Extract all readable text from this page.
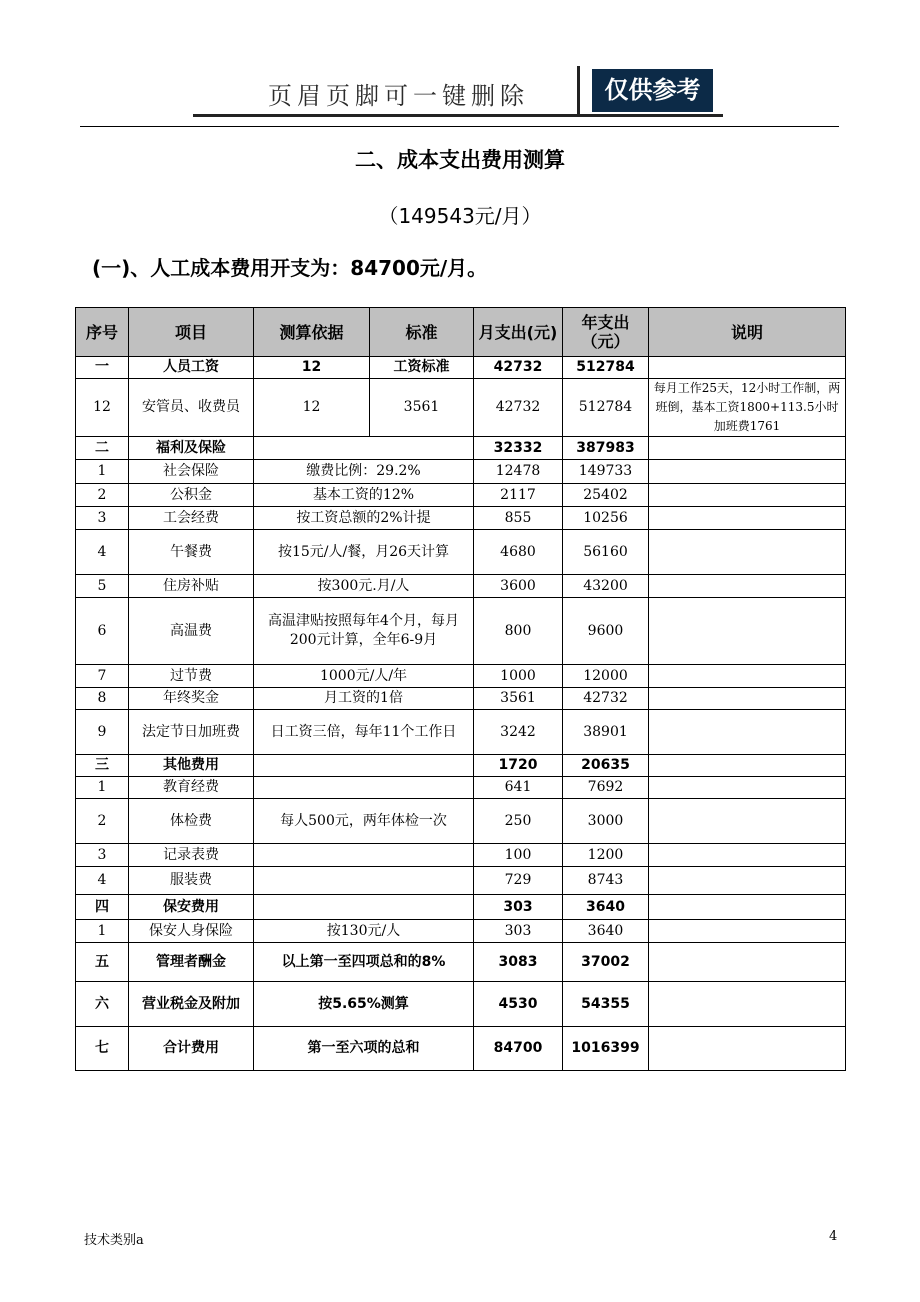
页眉页脚可一键删除	仅供参考
二、成本支出费用测算
（149543元/月）
(一)、人工成本费用开支为：84700元/月。
序号	项目	测算依据	标准	月支出(元)	年支出（元）	说明
一	人员工资	12	工资标准	42732	512784	
12	安管员、收费员	12	3561	42732	512784	每月工作25天，12小时工作制，两班倒，基本工资1800+113.5小时加班费1761
二	福利及保险			32332	387983	
1	社会保险	缴费比例：29.2%		12478	149733	
2	公积金	基本工资的12%		2117	25402	
3	工会经费	按工资总额的2%计提		855	10256	
4	午餐费	按15元/人/餐，月26天计算		4680	56160	
5	住房补贴	按300元.月/人		3600	43200	
6	高温费	高温津贴按照每年4个月，每月200元计算，全年6-9月		800	9600	
7	过节费	1000元/人/年		1000	12000	
8	年终奖金	月工资的1倍		3561	42732	
9	法定节日加班费	日工资三倍，每年11个工作日		3242	38901	
三	其他费用			1720	20635	
1	教育经费			641	7692	
2	体检费	每人500元，两年体检一次		250	3000	
3	记录表费			100	1200	
4	服装费			729	8743	
四	保安费用			303	3640	
1	保安人身保险	按130元/人		303	3640	
五	管理者酬金	以上第一至四项总和的8%		3083	37002	
六	营业税金及附加	按5.65%测算		4530	54355	
七	合计费用	第一至六项的总和		84700	1016399	
技术类别a	4
